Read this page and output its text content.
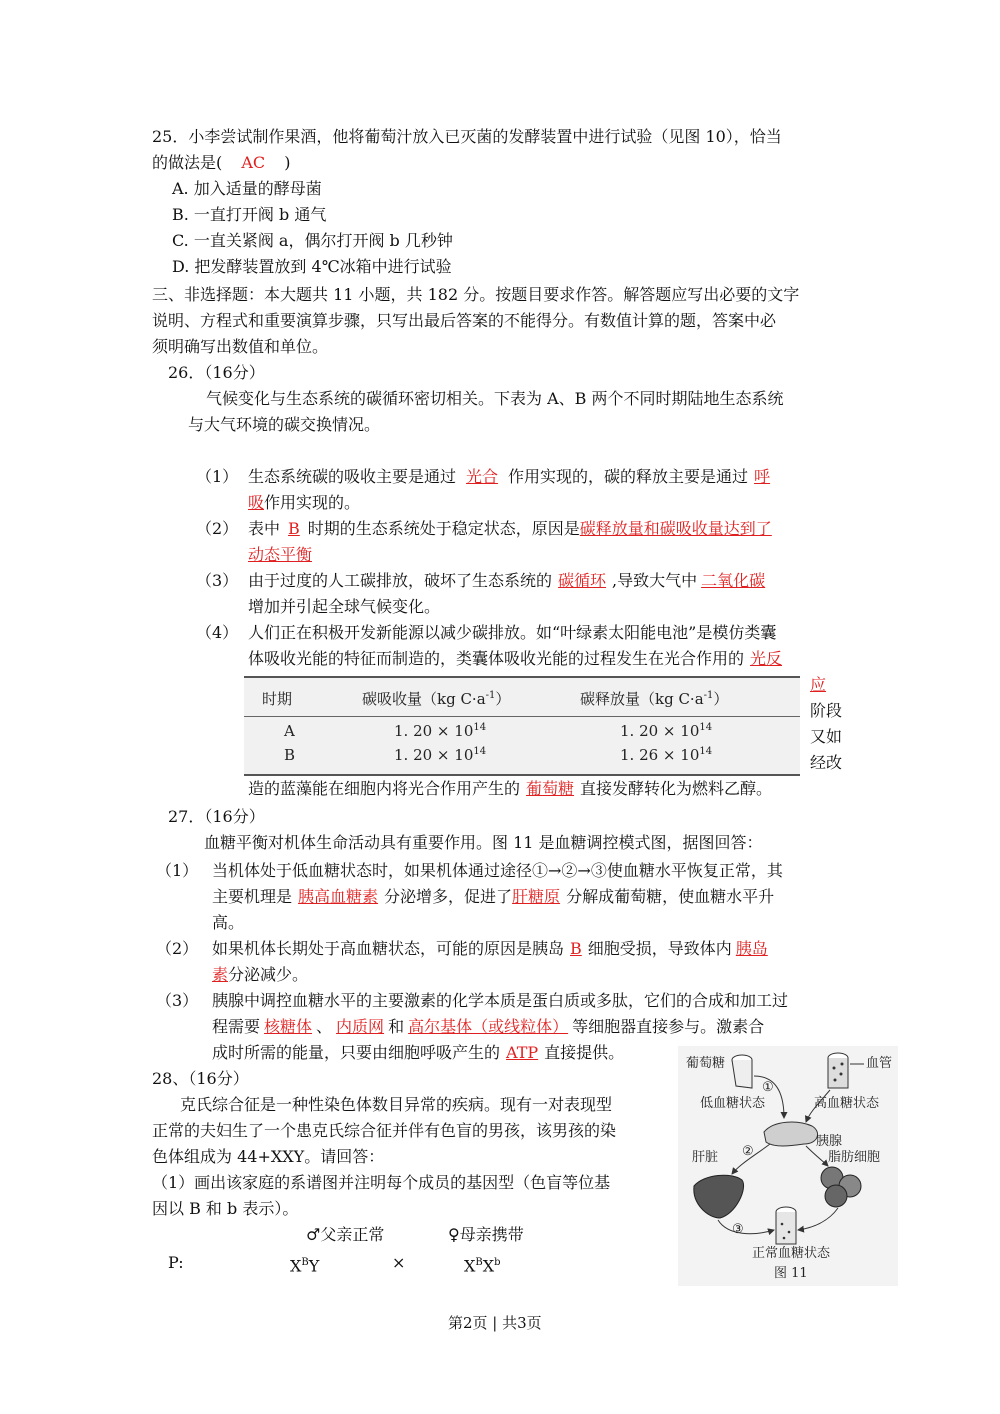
25．小李尝试制作果酒，他将葡萄汁放入已灭菌的发酵装置中进行试验（见图 10），恰当
的做法是( AC )
A. 加入适量的酵母菌
B. 一直打开阀 b 通气
C. 一直关紧阀 a，偶尔打开阀 b 几秒钟
D. 把发酵装置放到 4℃冰箱中进行试验
三、非选择题：本大题共 11 小题，共 182 分。按题目要求作答。解答题应写出必要的文字
说明、方程式和重要演算步骤，只写出最后答案的不能得分。有数值计算的题，答案中必
须明确写出数值和单位。
26．（16分）
气候变化与生态系统的碳循环密切相关。下表为 A、B 两个不同时期陆地生态系统
与大气环境的碳交换情况。
（1） 生态系统碳的吸收主要是通过 光合 作用实现的，碳的释放主要是通过 呼
吸作用实现的。
（2） 表中 B 时期的生态系统处于稳定状态，原因是碳释放量和碳吸收量达到了
动态平衡
（3） 由于过度的人工碳排放，破坏了生态系统的 碳循环 ,导致大气中 二氧化碳
增加并引起全球气候变化。
（4） 人们正在积极开发新能源以减少碳排放。如“叶绿素太阳能电池”是模仿类囊
体吸收光能的特征而制造的，类囊体吸收光能的过程发生在光合作用的 光反
应
阶段
又如
经改
造的蓝藻能在细胞内将光合作用产生的 葡萄糖 直接发酵转化为燃料乙醇。
时期	碳吸收量（kg $C\cdot a^{-1}$）	碳释放量（kg $C\cdot a^{-1}$）
A	1. $20 \times 10^{14}$	1. $20 \times 10^{14}$
B	1. $20 \times 10^{14}$	1. $26 \times 10^{14}$
27．（16分）
血糖平衡对机体生命活动具有重要作用。图 11 是血糖调控模式图，据图回答：
（1） 当机体处于低血糖状态时，如果机体通过途径①→②→③使血糖水平恢复正常，其
主要机理是 胰高血糖素 分泌增多，促进了肝糖原 分解成葡萄糖，使血糖水平升
高。
（2） 如果机体长期处于高血糖状态，可能的原因是胰岛 B 细胞受损，导致体内 胰岛
素分泌减少。
（3） 胰腺中调控血糖水平的主要激素的化学本质是蛋白质或多肽，它们的合成和加工过
程需要 核糖体 、 内质网 和 高尔基体（或线粒体） 等细胞器直接参与。激素合
成时所需的能量，只要由细胞呼吸产生的 ATP 直接提供。
28、（16分）
克氏综合征是一种性染色体数目异常的疾病。现有一对表现型
正常的夫妇生了一个患克氏综合征并伴有色盲的男孩，该男孩的染
色体组成为 44+XXY。请回答：
（1）画出该家庭的系谱图并注明每个成员的基因型（色盲等位基
因以 B 和 b 表示）。
♂父亲正常	♀母亲携带
P:	$X^BY$	×	$X^BX^b$
葡萄糖	血管
①
低血糖状态	高血糖状态
胰腺
②
肝脏	脂肪细胞
③
正常血糖状态
图 11
第2页 | 共3页
